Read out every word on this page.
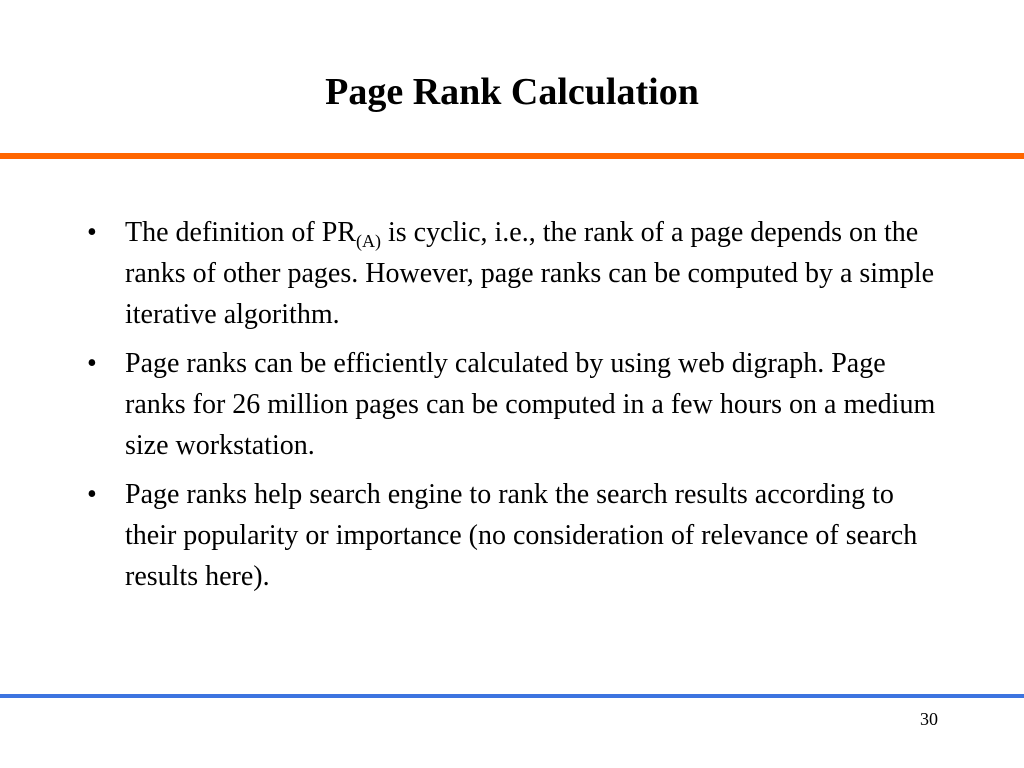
Page Rank Calculation
• The definition of $PR_{(A)}$ is cyclic, i.e., the rank of a page depends on the ranks of other pages. However, page ranks can be computed by a simple iterative algorithm.
• Page ranks can be efficiently calculated by using web digraph. Page ranks for 26 million pages can be computed in a few hours on a medium size workstation.
• Page ranks help search engine to rank the search results according to their popularity or importance (no consideration of relevance of search results here).
30
